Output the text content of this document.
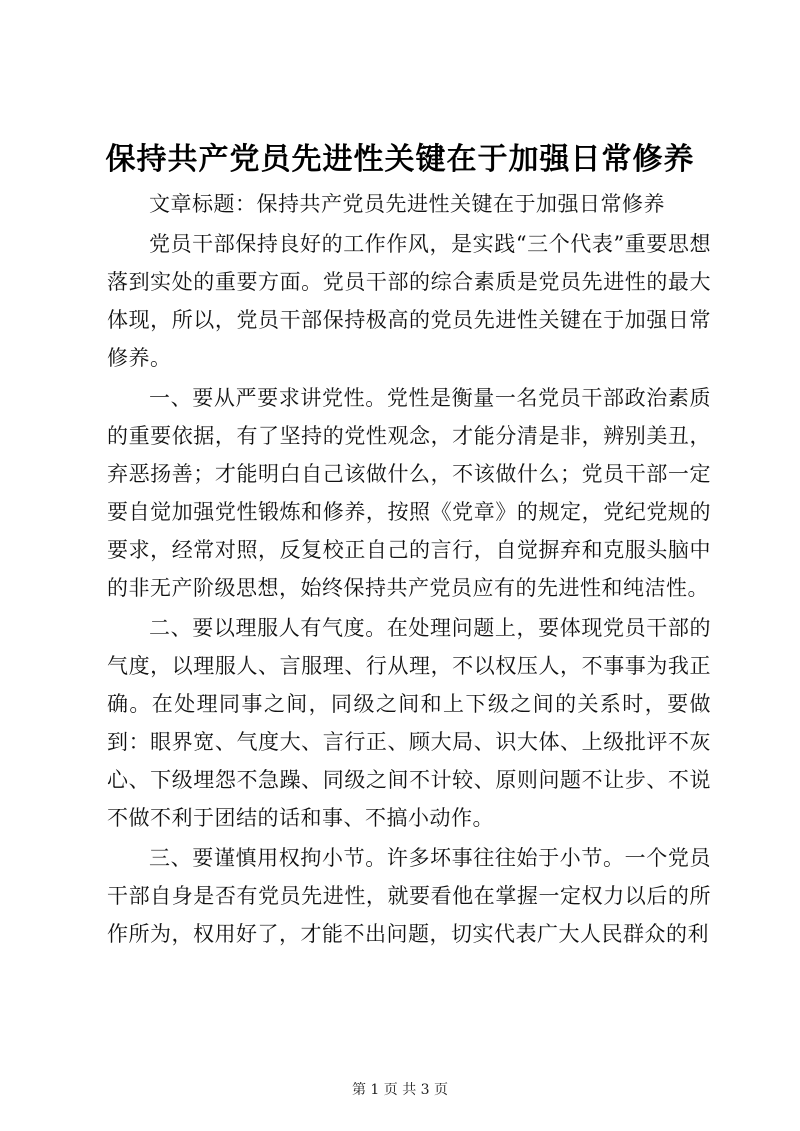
保持共产党员先进性关键在于加强日常修养

文章标题：保持共产党员先进性关键在于加强日常修养

党员干部保持良好的工作作风，是实践“三个代表”重要思想落到实处的重要方面。党员干部的综合素质是党员先进性的最大体现，所以，党员干部保持极高的党员先进性关键在于加强日常修养。

一、要从严要求讲党性。党性是衡量一名党员干部政治素质的重要依据，有了坚持的党性观念，才能分清是非，辨别美丑，弃恶扬善；才能明白自己该做什么，不该做什么；党员干部一定要自觉加强党性锻炼和修养，按照《党章》的规定，党纪党规的要求，经常对照，反复校正自己的言行，自觉摒弃和克服头脑中的非无产阶级思想，始终保持共产党员应有的先进性和纯洁性。

二、要以理服人有气度。在处理问题上，要体现党员干部的气度，以理服人、言服理、行从理，不以权压人，不事事为我正确。在处理同事之间，同级之间和上下级之间的关系时，要做到：眼界宽、气度大、言行正、顾大局、识大体、上级批评不灰心、下级埋怨不急躁、同级之间不计较、原则问题不让步、不说不做不利于团结的话和事、不搞小动作。

三、要谨慎用权拘小节。许多坏事往往始于小节。一个党员干部自身是否有党员先进性，就要看他在掌握一定权力以后的所作所为，权用好了，才能不出问题，切实代表广大人民群众的利

第 1 页 共 3 页
